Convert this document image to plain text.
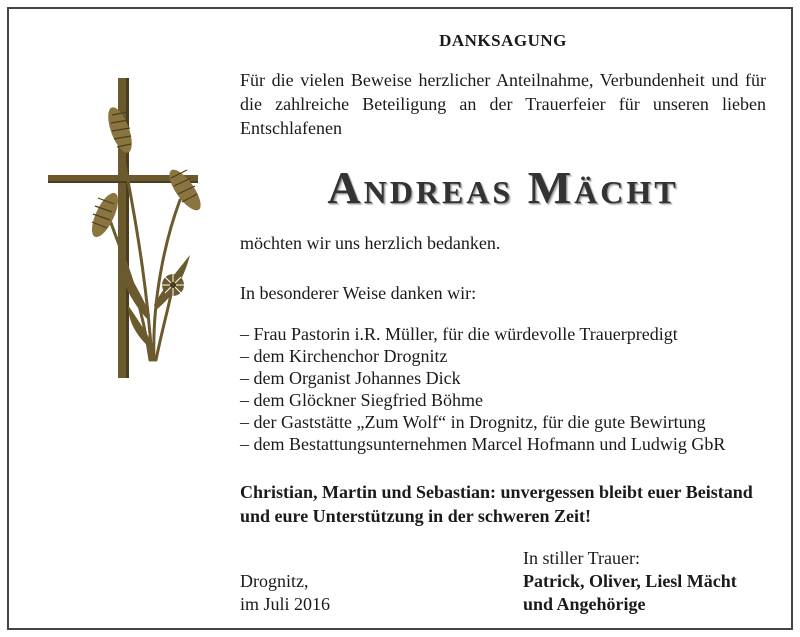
DANKSAGUNG
Für die vielen Beweise herzlicher Anteilnahme, Verbundenheit und für die zahlreiche Beteiligung an der Trauerfeier für unseren lieben Entschlafenen
Andreas Mächt
möchten wir uns herzlich bedanken.
In besonderer Weise danken wir:
– Frau Pastorin i.R. Müller, für die würdevolle Trauerpredigt
– dem Kirchenchor Drognitz
– dem Organist Johannes Dick
– dem Glöckner Siegfried Böhme
– der Gaststätte „Zum Wolf“ in Drognitz, für die gute Bewirtung
– dem Bestattungsunternehmen Marcel Hofmann und Ludwig GbR
Christian, Martin und Sebastian: unvergessen bleibt euer Beistand und eure Unterstützung in der schweren Zeit!
Drognitz,
im Juli 2016
In stiller Trauer:
Patrick, Oliver, Liesl Mächt
und Angehörige
